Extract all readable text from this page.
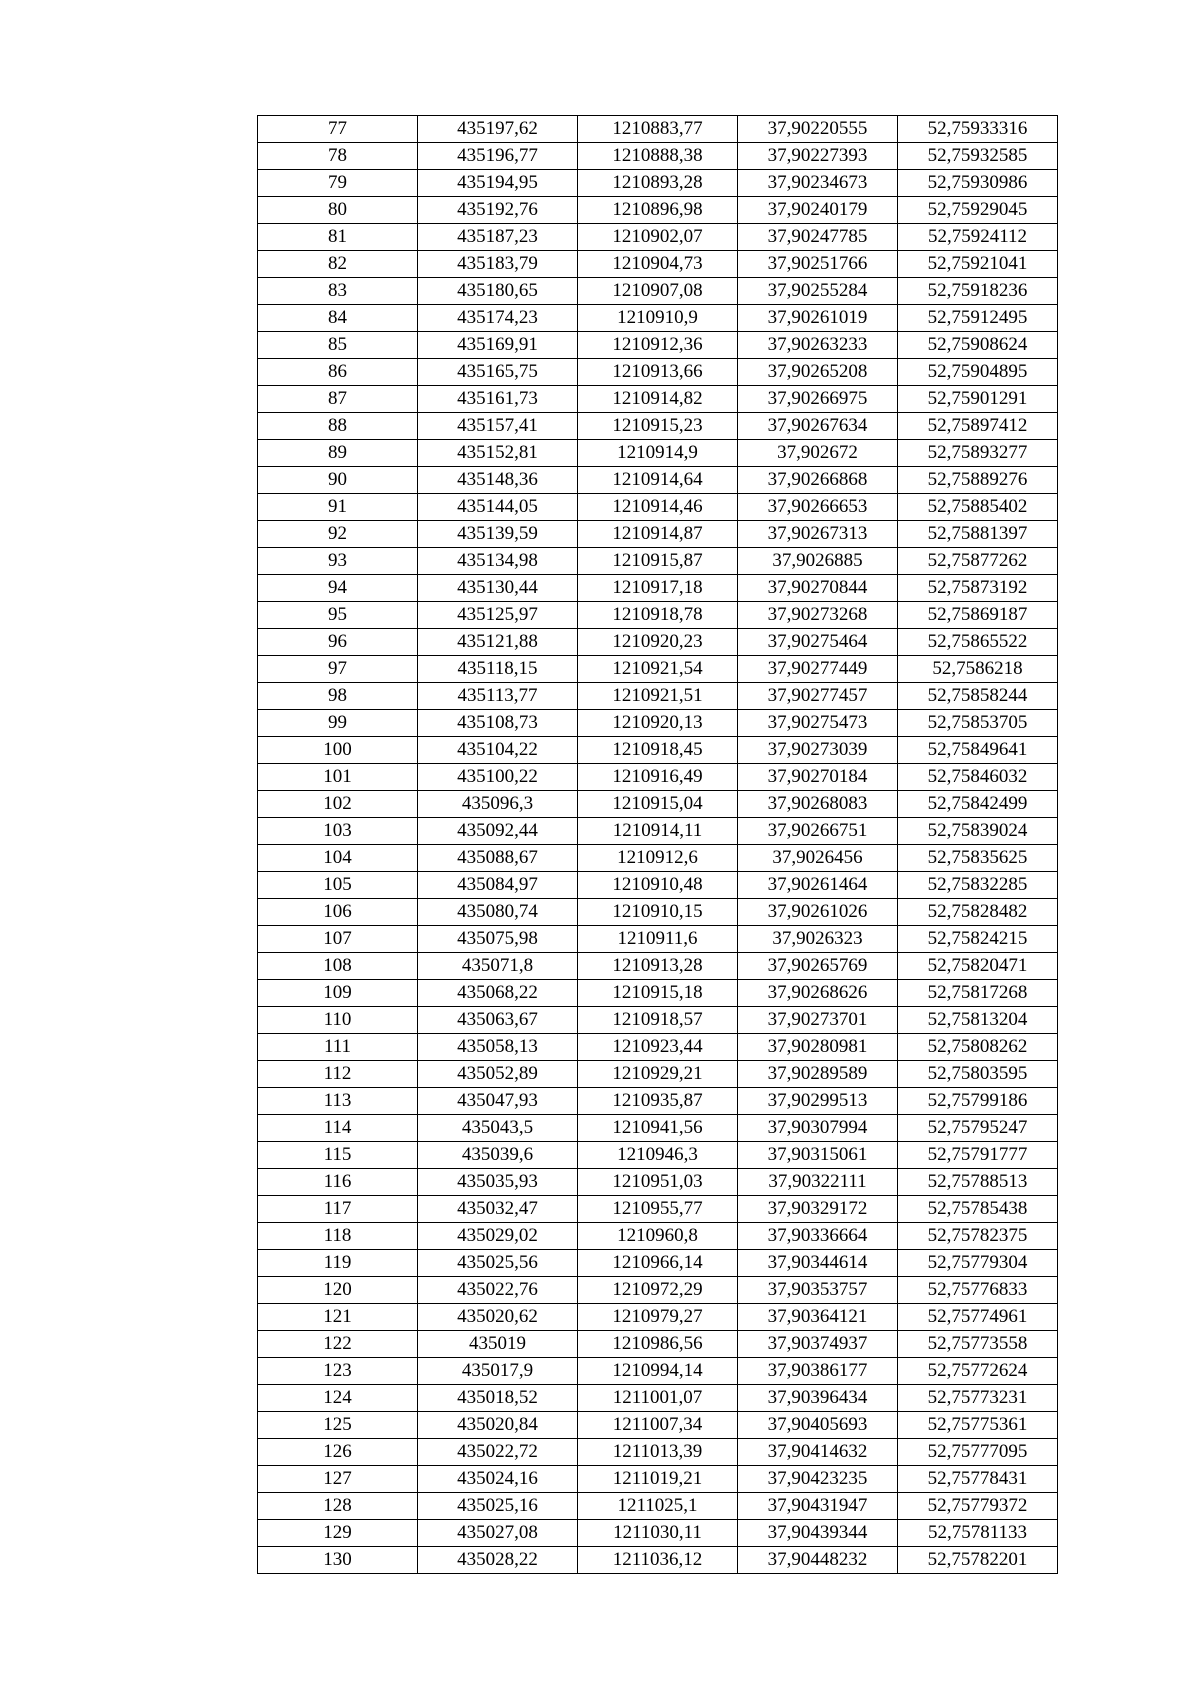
77	435197,62	1210883,77	37,90220555	52,75933316
78	435196,77	1210888,38	37,90227393	52,75932585
79	435194,95	1210893,28	37,90234673	52,75930986
80	435192,76	1210896,98	37,90240179	52,75929045
81	435187,23	1210902,07	37,90247785	52,75924112
82	435183,79	1210904,73	37,90251766	52,75921041
83	435180,65	1210907,08	37,90255284	52,75918236
84	435174,23	1210910,9	37,90261019	52,75912495
85	435169,91	1210912,36	37,90263233	52,75908624
86	435165,75	1210913,66	37,90265208	52,75904895
87	435161,73	1210914,82	37,90266975	52,75901291
88	435157,41	1210915,23	37,90267634	52,75897412
89	435152,81	1210914,9	37,902672	52,75893277
90	435148,36	1210914,64	37,90266868	52,75889276
91	435144,05	1210914,46	37,90266653	52,75885402
92	435139,59	1210914,87	37,90267313	52,75881397
93	435134,98	1210915,87	37,9026885	52,75877262
94	435130,44	1210917,18	37,90270844	52,75873192
95	435125,97	1210918,78	37,90273268	52,75869187
96	435121,88	1210920,23	37,90275464	52,75865522
97	435118,15	1210921,54	37,90277449	52,7586218
98	435113,77	1210921,51	37,90277457	52,75858244
99	435108,73	1210920,13	37,90275473	52,75853705
100	435104,22	1210918,45	37,90273039	52,75849641
101	435100,22	1210916,49	37,90270184	52,75846032
102	435096,3	1210915,04	37,90268083	52,75842499
103	435092,44	1210914,11	37,90266751	52,75839024
104	435088,67	1210912,6	37,9026456	52,75835625
105	435084,97	1210910,48	37,90261464	52,75832285
106	435080,74	1210910,15	37,90261026	52,75828482
107	435075,98	1210911,6	37,9026323	52,75824215
108	435071,8	1210913,28	37,90265769	52,75820471
109	435068,22	1210915,18	37,90268626	52,75817268
110	435063,67	1210918,57	37,90273701	52,75813204
111	435058,13	1210923,44	37,90280981	52,75808262
112	435052,89	1210929,21	37,90289589	52,75803595
113	435047,93	1210935,87	37,90299513	52,75799186
114	435043,5	1210941,56	37,90307994	52,75795247
115	435039,6	1210946,3	37,90315061	52,75791777
116	435035,93	1210951,03	37,90322111	52,75788513
117	435032,47	1210955,77	37,90329172	52,75785438
118	435029,02	1210960,8	37,90336664	52,75782375
119	435025,56	1210966,14	37,90344614	52,75779304
120	435022,76	1210972,29	37,90353757	52,75776833
121	435020,62	1210979,27	37,90364121	52,75774961
122	435019	1210986,56	37,90374937	52,75773558
123	435017,9	1210994,14	37,90386177	52,75772624
124	435018,52	1211001,07	37,90396434	52,75773231
125	435020,84	1211007,34	37,90405693	52,75775361
126	435022,72	1211013,39	37,90414632	52,75777095
127	435024,16	1211019,21	37,90423235	52,75778431
128	435025,16	1211025,1	37,90431947	52,75779372
129	435027,08	1211030,11	37,90439344	52,75781133
130	435028,22	1211036,12	37,90448232	52,75782201
